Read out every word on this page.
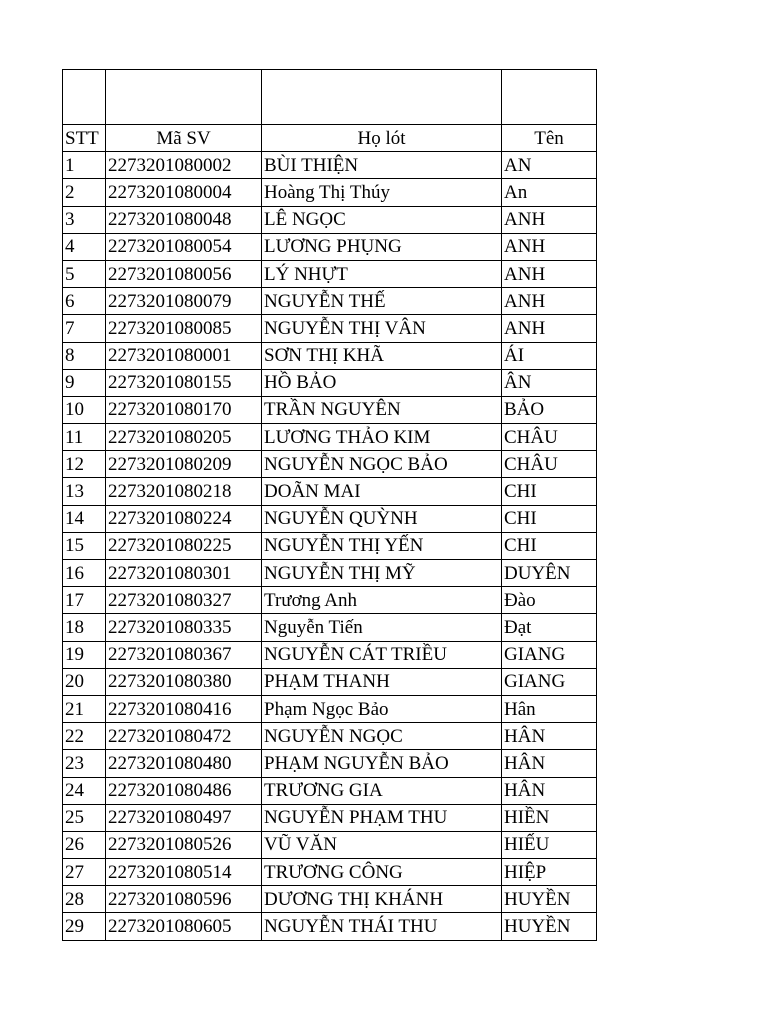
STT	Mã SV	Họ lót	Tên
1	2273201080002	BÙI THIỆN	AN
2	2273201080004	Hoàng Thị Thúy	An
3	2273201080048	LÊ NGỌC	ANH
4	2273201080054	LƯƠNG PHỤNG	ANH
5	2273201080056	LÝ NHỰT	ANH
6	2273201080079	NGUYỄN THẾ	ANH
7	2273201080085	NGUYỄN THỊ VÂN	ANH
8	2273201080001	SƠN THỊ KHÃ	ÁI
9	2273201080155	HỒ BẢO	ÂN
10	2273201080170	TRẦN NGUYÊN	BẢO
11	2273201080205	LƯƠNG THẢO KIM	CHÂU
12	2273201080209	NGUYỄN NGỌC BẢO	CHÂU
13	2273201080218	DOÃN MAI	CHI
14	2273201080224	NGUYỄN QUỲNH	CHI
15	2273201080225	NGUYỄN THỊ YẾN	CHI
16	2273201080301	NGUYỄN THỊ MỸ	DUYÊN
17	2273201080327	Trương Anh	Đào
18	2273201080335	Nguyễn Tiến	Đạt
19	2273201080367	NGUYỄN CÁT TRIỀU	GIANG
20	2273201080380	PHẠM THANH	GIANG
21	2273201080416	Phạm Ngọc Bảo	Hân
22	2273201080472	NGUYỄN NGỌC	HÂN
23	2273201080480	PHẠM NGUYỄN BẢO	HÂN
24	2273201080486	TRƯƠNG GIA	HÂN
25	2273201080497	NGUYỄN PHẠM THU	HIỀN
26	2273201080526	VŨ VĂN	HIẾU
27	2273201080514	TRƯƠNG CÔNG	HIỆP
28	2273201080596	DƯƠNG THỊ KHÁNH	HUYỀN
29	2273201080605	NGUYỄN THÁI THU	HUYỀN
